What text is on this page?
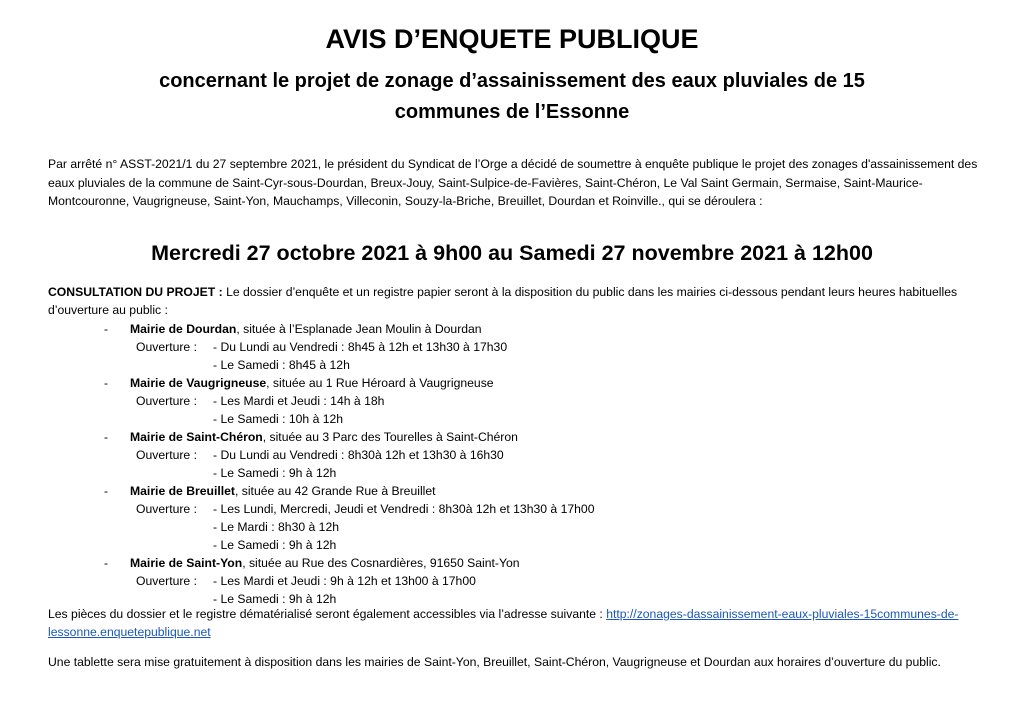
AVIS D’ENQUETE PUBLIQUE
concernant le projet de zonage d’assainissement des eaux pluviales de 15
communes de l’Essonne
Par arrêté n° ASST-2021/1 du 27 septembre 2021, le président du Syndicat de l’Orge a décidé de soumettre à enquête publique le projet des zonages d'assainissement des eaux pluviales de la commune de Saint-Cyr-sous-Dourdan, Breux-Jouy, Saint-Sulpice-de-Favières, Saint-Chéron, Le Val Saint Germain, Sermaise, Saint-Maurice-Montcouronne, Vaugrigneuse, Saint-Yon, Mauchamps, Villeconin, Souzy-la-Briche, Breuillet, Dourdan et Roinville., qui se déroulera :
Mercredi 27 octobre 2021 à 9h00 au Samedi 27 novembre 2021 à 12h00
CONSULTATION DU PROJET : Le dossier d’enquête et un registre papier seront à la disposition du public dans les mairies ci-dessous pendant leurs heures habituelles d’ouverture au public :
- Mairie de Dourdan, située à l’Esplanade Jean Moulin à Dourdan
Ouverture : - Du Lundi au Vendredi : 8h45 à 12h et 13h30 à 17h30
- Le Samedi : 8h45 à 12h
- Mairie de Vaugrigneuse, située au 1 Rue Héroard à Vaugrigneuse
Ouverture : - Les Mardi et Jeudi : 14h à 18h
- Le Samedi : 10h à 12h
- Mairie de Saint-Chéron, située au 3 Parc des Tourelles à Saint-Chéron
Ouverture : - Du Lundi au Vendredi : 8h30à 12h et 13h30 à 16h30
- Le Samedi : 9h à 12h
- Mairie de Breuillet, située au 42 Grande Rue à Breuillet
Ouverture : - Les Lundi, Mercredi, Jeudi et Vendredi : 8h30à 12h et 13h30 à 17h00
- Le Mardi : 8h30 à 12h
- Le Samedi : 9h à 12h
- Mairie de Saint-Yon, située au Rue des Cosnardières, 91650 Saint-Yon
Ouverture : - Les Mardi et Jeudi : 9h à 12h et 13h00 à 17h00
- Le Samedi : 9h à 12h
Les pièces du dossier et le registre dématérialisé seront également accessibles via l’adresse suivante : http://zonages-dassainissement-eaux-pluviales-15communes-de-lessonne.enquetepublique.net
Une tablette sera mise gratuitement à disposition dans les mairies de Saint-Yon, Breuillet, Saint-Chéron, Vaugrigneuse et Dourdan aux horaires d’ouverture du public.
